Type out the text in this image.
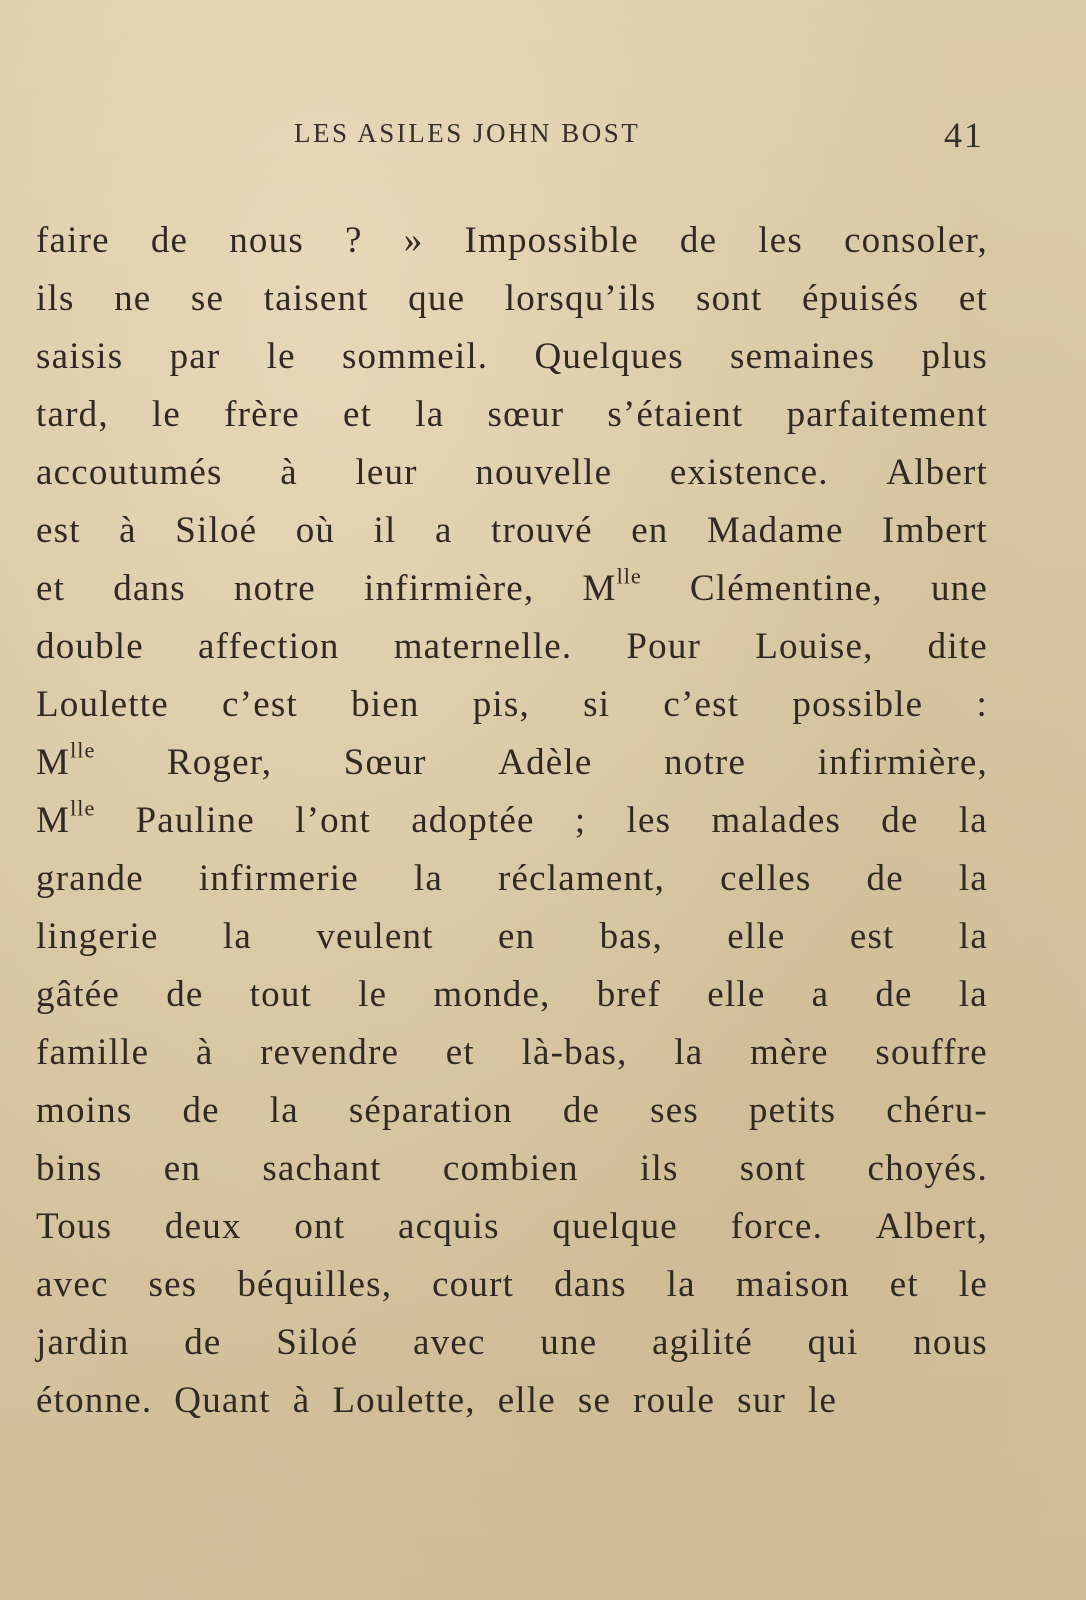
LES ASILES JOHN BOST	41
faire de nous ? » Impossible de les consoler,
ils ne se taisent que lorsqu’ils sont épuisés et
saisis par le sommeil. Quelques semaines plus
tard, le frère et la sœur s’étaient parfaitement
accoutumés à leur nouvelle existence. Albert
est à Siloé où il a trouvé en Madame Imbert
et dans notre infirmière, $M^{lle}$ Clémentine, une
double affection maternelle. Pour Louise, dite
Loulette c’est bien pis, si c’est possible :
$M^{lle}$ Roger, Sœur Adèle notre infirmière,
$M^{lle}$ Pauline l’ont adoptée ; les malades de la
grande infirmerie la réclament, celles de la
lingerie la veulent en bas, elle est la
gâtée de tout le monde, bref elle a de la
famille à revendre et là-bas, la mère souffre
moins de la séparation de ses petits chéru-
bins en sachant combien ils sont choyés.
Tous deux ont acquis quelque force. Albert,
avec ses béquilles, court dans la maison et le
jardin de Siloé avec une agilité qui nous
étonne. Quant à Loulette, elle se roule sur le
